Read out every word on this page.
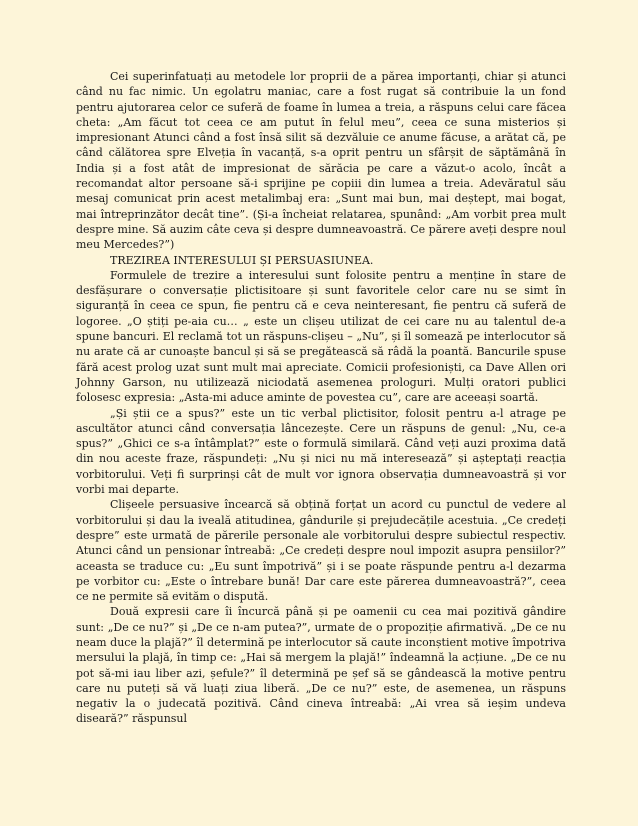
Cei superinfatuați au metodele lor proprii de a părea importanți, chiar și atunci când nu fac nimic. Un egolatru maniac, care a fost rugat să contribuie la un fond pentru ajutorarea celor ce suferă de foame în lumea a treia, a răspuns celui care făcea cheta: „Am făcut tot ceea ce am putut în felul meu”, ceea ce suna misterios și impresionant Atunci când a fost însă silit să dezvăluie ce anume făcuse, a arătat că, pe când călătorea spre Elveția în vacanță, s-a oprit pentru un sfârșit de săptămână în India și a fost atât de impresionat de sărăcia pe care a văzut-o acolo, încât a recomandat altor persoane să-i sprijine pe copiii din lumea a treia. Adevăratul său mesaj comunicat prin acest metalimbaj era: „Sunt mai bun, mai deștept, mai bogat, mai întreprinzător decât tine”. (Și-a încheiat relatarea, spunând: „Am vorbit prea mult despre mine. Să auzim câte ceva și despre dumneavoastră. Ce părere aveți despre noul meu Mercedes?”)

TREZIREA INTERESULUI ȘI PERSUASIUNEA.

Formulele de trezire a interesului sunt folosite pentru a menține în stare de desfășurare o conversație plictisitoare și sunt favoritele celor care nu se simt în siguranță în ceea ce spun, fie pentru că e ceva neinteresant, fie pentru că suferă de logoree. „O știți pe-aia cu… „ este un clișeu utilizat de cei care nu au talentul de-a spune bancuri. El reclamă tot un răspuns-clișeu – „Nu”, și îl somează pe interlocutor să nu arate că ar cunoaște bancul și să se pregătească să râdă la poantă. Bancurile spuse fără acest prolog uzat sunt mult mai apreciate. Comicii profesioniști, ca Dave Allen ori Johnny Garson, nu utilizează niciodată asemenea prologuri. Mulți oratori publici folosesc expresia: „Asta-mi aduce aminte de povestea cu”, care are aceeași soartă.

„Și știi ce a spus?” este un tic verbal plictisitor, folosit pentru a-l atrage pe ascultător atunci când conversația lâncezește. Cere un răspuns de genul: „Nu, ce-a spus?” „Ghici ce s-a întâmplat?” este o formulă similară. Când veți auzi proxima dată din nou aceste fraze, răspundeți: „Nu și nici nu mă interesează” și așteptați reacția vorbitorului. Veți fi surprinși cât de mult vor ignora observația dumneavoastră și vor vorbi mai departe.

Clișeele persuasive încearcă să obțină forțat un acord cu punctul de vedere al vorbitorului și dau la iveală atitudinea, gândurile și prejudecățile acestuia. „Ce credeți despre” este urmată de părerile personale ale vorbitorului despre subiectul respectiv. Atunci când un pensionar întreabă: „Ce credeți despre noul impozit asupra pensiilor?” aceasta se traduce cu: „Eu sunt împotrivă” și i se poate răspunde pentru a-l dezarma pe vorbitor cu: „Este o întrebare bună! Dar care este părerea dumneavoastră?”, ceea ce ne permite să evităm o dispută.

Două expresii care îi încurcă până și pe oamenii cu cea mai pozitivă gândire sunt: „De ce nu?” și „De ce n-am putea?”, urmate de o propoziție afirmativă. „De ce nu neam duce la plajă?” îl determină pe interlocutor să caute inconștient motive împotriva mersului la plajă, în timp ce: „Hai să mergem la plajă!” îndeamnă la acțiune. „De ce nu pot să-mi iau liber azi, șefule?” îl determină pe șef să se gândească la motive pentru care nu puteți să vă luați ziua liberă. „De ce nu?” este, de asemenea, un răspuns negativ la o judecată pozitivă. Când cineva întreabă: „Ai vrea să ieșim undeva diseară?” răspunsul
